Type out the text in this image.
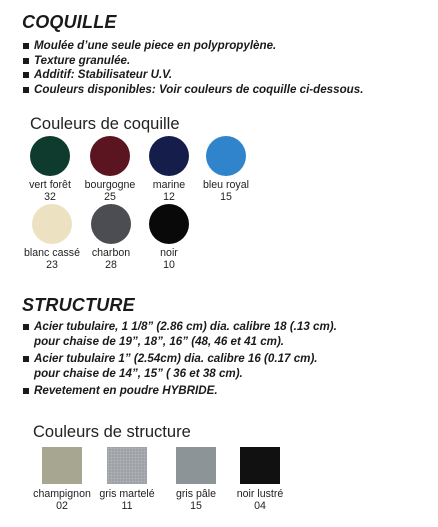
COQUILLE
Moulée d’une seule piece en polypropylène.
Texture granulée.
Additif: Stabilisateur U.V.
Couleurs disponibles: Voir couleurs de coquille ci-dessous.
Couleurs de coquille
vert forêt
32
bourgogne
25
marine
12
bleu royal
15
blanc cassé
23
charbon
28
noir
10
STRUCTURE
Acier tubulaire, 1 1/8” (2.86 cm) dia. calibre 18 (.13 cm).
pour chaise de 19”, 18”, 16” (48, 46 et 41 cm).
Acier tubulaire 1” (2.54cm) dia. calibre 16 (0.17 cm).
pour chaise de 14”, 15” ( 36 et 38 cm).
Revetement en poudre HYBRIDE.
Couleurs de structure
champignon
02
gris martelé
11
gris pâle
15
noir lustré
04
